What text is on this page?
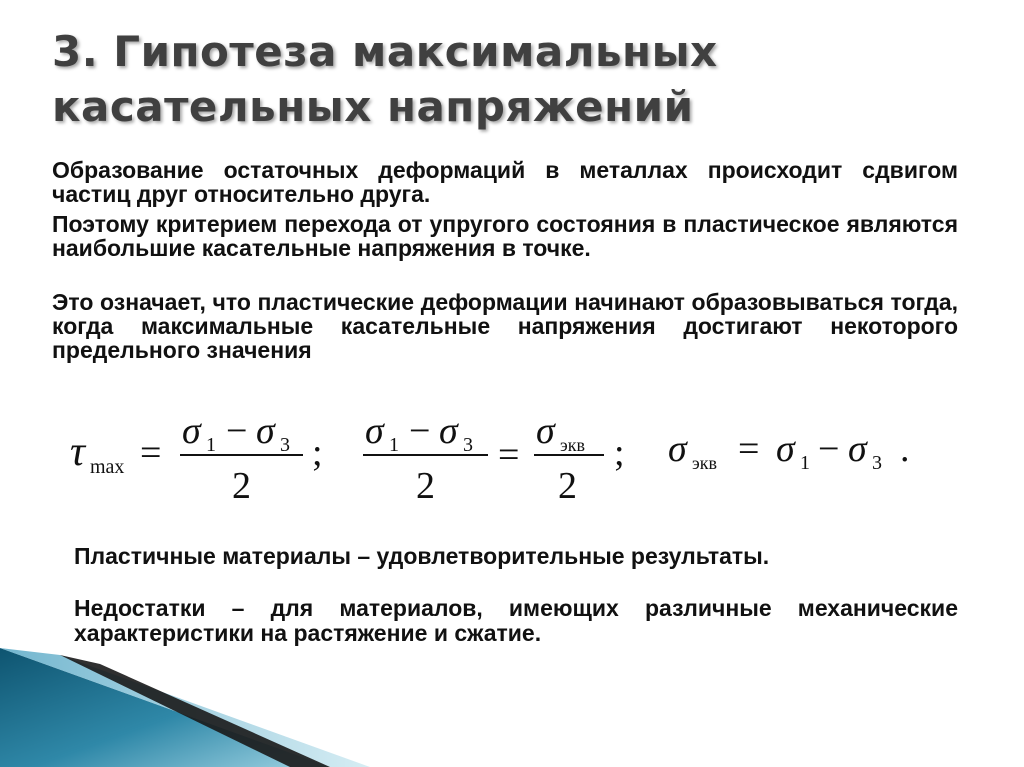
3. Гипотеза максимальных
касательных напряжений

Образование остаточных деформаций в металлах происходит сдвигом частиц друг относительно друга.

Поэтому критерием перехода от упругого состояния в пластическое являются наибольшие касательные напряжения в точке.

Это означает, что пластические деформации начинают образовываться тогда, когда максимальные касательные напряжения достигают некоторого предельного значения

τ max =
σ 1 − σ 3
2
;
σ 1 − σ 3
2
=
σ экв
2
; σ экв = σ 1 − σ 3 .

Пластичные материалы – удовлетворительные результаты.

Недостатки – для материалов, имеющих различные механические характеристики на растяжение и сжатие.
